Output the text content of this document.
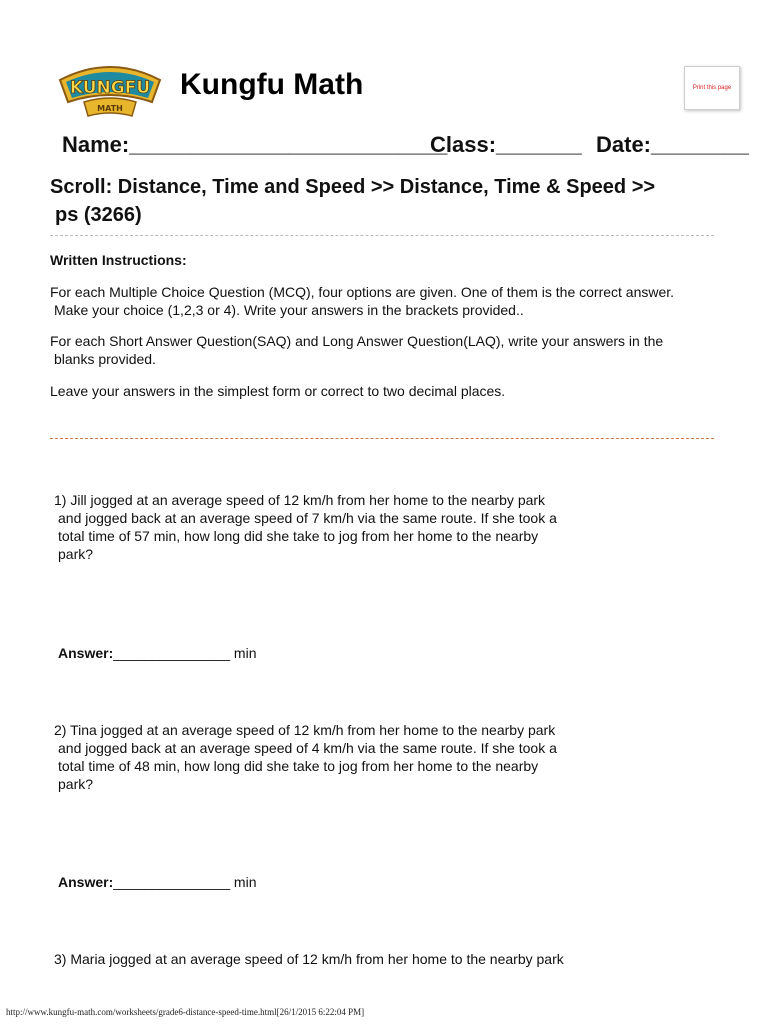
KUNGFU
MATH
Kungfu Math	Print this page
Name:__________________________
Class:_______ Date:________
Scroll: Distance, Time and Speed >> Distance, Time & Speed >>
ps (3266)
Written Instructions:
For each Multiple Choice Question (MCQ), four options are given. One of them is the correct answer.
Make your choice (1,2,3 or 4). Write your answers in the brackets provided..
For each Short Answer Question(SAQ) and Long Answer Question(LAQ), write your answers in the
blanks provided.
Leave your answers in the simplest form or correct to two decimal places.
1) Jill jogged at an average speed of 12 km/h from her home to the nearby park
and jogged back at an average speed of 7 km/h via the same route. If she took a
total time of 57 min, how long did she take to jog from her home to the nearby
park?
Answer:_______________ min
2) Tina jogged at an average speed of 12 km/h from her home to the nearby park
and jogged back at an average speed of 4 km/h via the same route. If she took a
total time of 48 min, how long did she take to jog from her home to the nearby
park?
Answer:_______________ min
3) Maria jogged at an average speed of 12 km/h from her home to the nearby park
http://www.kungfu-math.com/worksheets/grade6-distance-speed-time.html[26/1/2015 6:22:04 PM]
